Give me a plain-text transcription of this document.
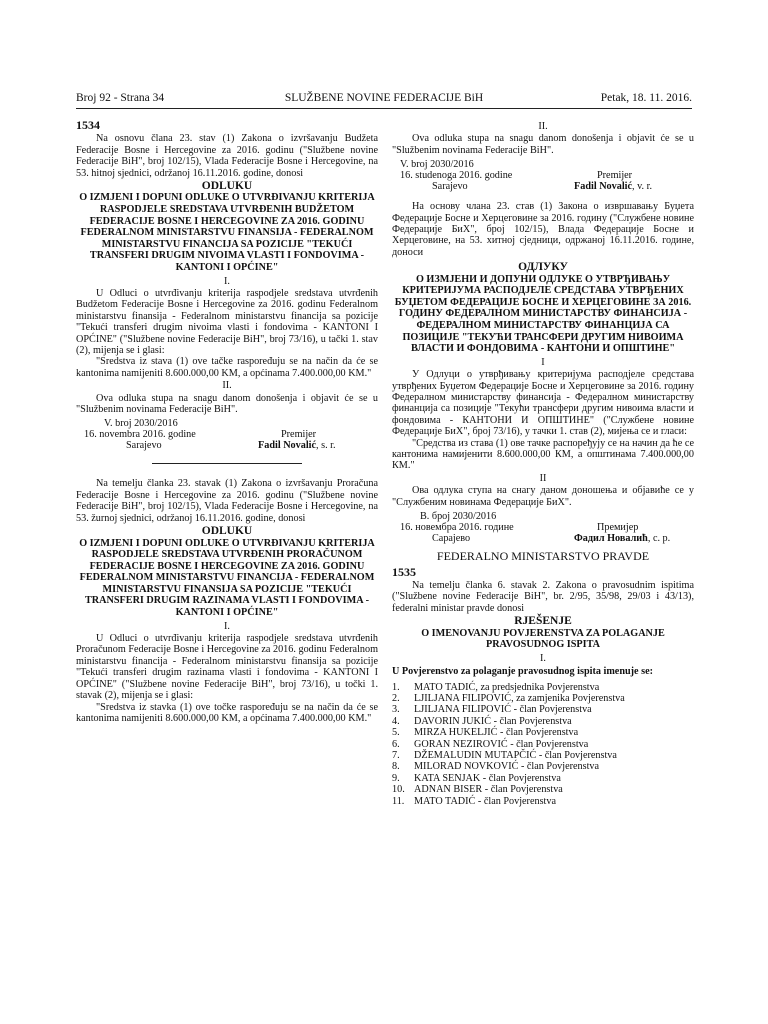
Broj 92 - Strana 34	SLUŽBENE NOVINE FEDERACIJE BiH	Petak, 18. 11. 2016.
1534

Na osnovu člana 23. stav (1) Zakona o izvršavanju Budžeta Federacije Bosne i Hercegovine za 2016. godinu ("Službene novine Federacije BiH", broj 102/15), Vlada Federacije Bosne i Hercegovine, na 53. hitnoj sjednici, održanoj 16.11.2016. godine, donosi

ODLUKU
O IZMJENI I DOPUNI ODLUKE O UTVRĐIVANJU KRITERIJA RASPODJELE SREDSTAVA UTVRĐENIH BUDŽETOM FEDERACIJE BOSNE I HERCEGOVINE ZA 2016. GODINU FEDERALNOM MINISTARSTVU FINANSIJA - FEDERALNOM MINISTARSTVU FINANCIJA SA POZICIJE "TEKUĆI TRANSFERI DRUGIM NIVOIMA VLASTI I FONDOVIMA - KANTONI I OPĆINE"
I.

U Odluci o utvrđivanju kriterija raspodjele sredstava utvrđenih Budžetom Federacije Bosne i Hercegovine za 2016. godinu Federalnom ministarstvu finansija - Federalnom ministarstvu financija sa pozicije "Tekući transferi drugim nivoima vlasti i fondovima - KANTONI I OPĆINE" ("Službene novine Federacije BiH", broj 73/16), u tački 1. stav (2), mijenja se i glasi:

"Sredstva iz stava (1) ove tačke raspoređuju se na način da će se kantonima namijeniti 8.600.000,00 KM, a općinama 7.400.000,00 KM."

II.

Ova odluka stupa na snagu danom donošenja i objavit će se u "Službenim novinama Federacije BiH".

V. broj 2030/2016
16. novembra 2016. godine
Sarajevo
Premijer
Fadil Novalić, s. r.

Na temelju članka 23. stavak (1) Zakona o izvršavanju Proračuna Federacije Bosne i Hercegovine za 2016. godinu ("Službene novine Federacije BiH", broj 102/15), Vlada Federacije Bosne i Hercegovine, na 53. žurnoj sjednici, održanoj 16.11.2016. godine, donosi

ODLUKU
O IZMJENI I DOPUNI ODLUKE O UTVRĐIVANJU KRITERIJA RASPODJELE SREDSTAVA UTVRĐENIH PRORAČUNOM FEDERACIJE BOSNE I HERCEGOVINE ZA 2016. GODINU FEDERALNOM MINISTARSTVU FINANCIJA - FEDERALNOM MINISTARSTVU FINANSIJA SA POZICIJE "TEKUĆI TRANSFERI DRUGIM RAZINAMA VLASTI I FONDOVIMA - KANTONI I OPĆINE"
I.

U Odluci o utvrđivanju kriterija raspodjele sredstava utvrđenih Proračunom Federacije Bosne i Hercegovine za 2016. godinu Federalnom ministarstvu financija - Federalnom ministarstvu finansija sa pozicije "Tekući transferi drugim razinama vlasti i fondovima - KANTONI I OPĆINE" ("Službene novine Federacije BiH", broj 73/16), u točki 1. stavak (2), mijenja se i glasi:

"Sredstva iz stavka (1) ove točke raspoređuju se na način da će se kantonima namijeniti 8.600.000,00 KM, a općinama 7.400.000,00 KM."

II.

Ova odluka stupa na snagu danom donošenja i objavit će se u "Službenim novinama Federacije BiH".

V. broj 2030/2016
16. studenoga 2016. godine
Sarajevo
Premijer
Fadil Novalić, v. r.

На основу члана 23. став (1) Закона о извршавању Буџета Федерације Босне и Херцеговине за 2016. годину ("Службене новине Федерације БиХ", број 102/15), Влада Федерације Босне и Херцеговине, на 53. хитној сједници, одржаној 16.11.2016. године, доноси

ОДЛУКУ
О ИЗМЈЕНИ И ДОПУНИ ОДЛУКЕ О УТВРЂИВАЊУ КРИТЕРИЈУМА РАСПОДЈЕЛЕ СРЕДСТАВА УТВРЂЕНИХ БУЏЕТОМ ФЕДЕРАЦИЈЕ БОСНЕ И ХЕРЦЕГОВИНЕ ЗА 2016. ГОДИНУ ФЕДЕРАЛНОМ МИНИСТАРСТВУ ФИНАНСИЈА - ФЕДЕРАЛНОМ МИНИСТАРСТВУ ФИНАНЦИЈА СА ПОЗИЦИЈЕ "ТЕКУЋИ ТРАНСФЕРИ ДРУГИМ НИВОИМА ВЛАСТИ И ФОНДОВИМА - КАНТОНИ И ОПШТИНЕ"
I

У Одлуци о утврђивању критеријума расподјеле средстава утврђених Буџетом Федерације Босне и Херцеговине за 2016. годину Федералном министарству финансија - Федералном министарству финанција са позиције "Текући трансфери другим нивоима власти и фондовима - КАНТОНИ И ОПШТИНЕ" ("Службене новине Федерације БиХ", број 73/16), у тачки 1. став (2), мијења се и гласи:

"Средства из става (1) ове тачке распоређују се на начин да ће се кантонима намијенити 8.600.000,00 КМ, а општинама 7.400.000,00 КМ."

II

Ова одлука ступа на снагу даном доношења и објавиће се у "Службеним новинама Федерације БиХ".

В. број 2030/2016
16. новембра 2016. године
Сарајево
Премијер
Фадил Новалић, с. р.
FEDERALNO MINISTARSTVO PRAVDE
1535

Na temelju članka 6. stavak 2. Zakona o pravosudnim ispitima ("Službene novine Federacije BiH", br. 2/95, 35/98, 29/03 i 43/13), federalni ministar pravde donosi

RJEŠENJE
O IMENOVANJU POVJERENSTVA ZA POLAGANJE PRAVOSUDNOG ISPITA
I.
U Povjerenstvo za polaganje pravosudnog ispita imenuje se:
1.	MATO TADIĆ, za predsjednika Povjerenstva
2.	LJILJANA FILIPOVIĆ, za zamjenika Povjerenstva
3.	LJILJANA FILIPOVIĆ - član Povjerenstva
4.	DAVORIN JUKIĆ - član Povjerenstva
5.	MIRZA HUKELJIĆ - član Povjerenstva
6.	GORAN NEZIROVIĆ - član Povjerenstva
7.	DŽEMALUDIN MUTAPČIĆ - član Povjerenstva
8.	MILORAD NOVKOVIĆ - član Povjerenstva
9.	KATA SENJAK - član Povjerenstva
10. ADNAN BISER - član Povjerenstva
11. MATO TADIĆ - član Povjerenstva
